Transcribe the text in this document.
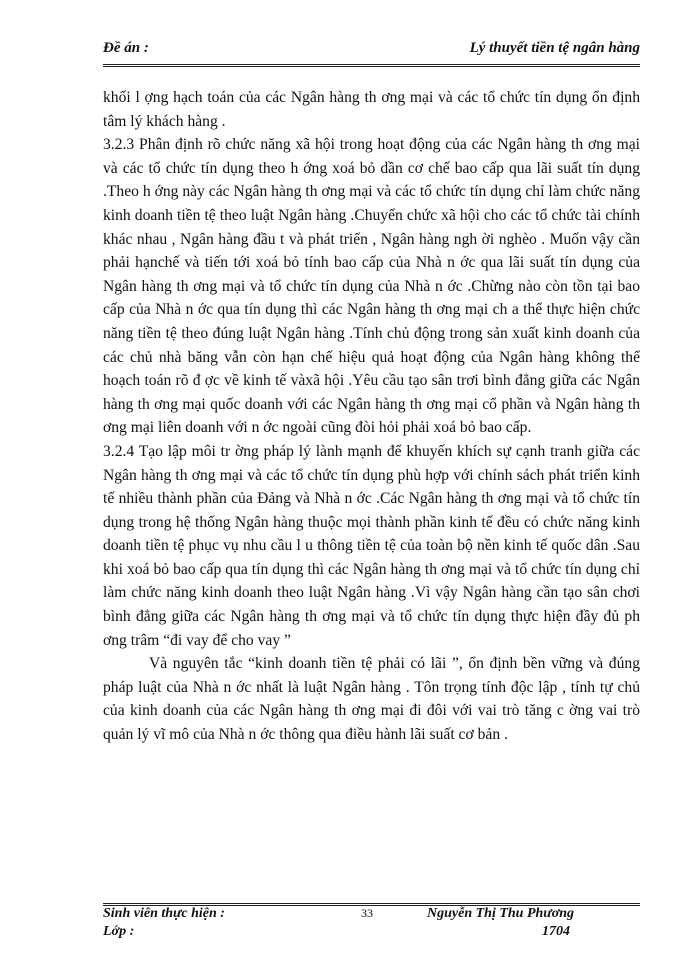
Đề án :	Lý thuyết tiền tệ ngân hàng

khối l ợng hạch toán của các Ngân hàng th ơng mại và các tổ chức tín dụng ổn định tâm lý khách hàng .

3.2.3 Phân định rõ chức năng xã hội trong hoạt động của các Ngân hàng th ơng mại và các tổ chức tín dụng theo h ớng xoá bỏ dần cơ chế bao cấp qua lãi suất tín dụng .Theo h ớng này các Ngân hàng th ơng mại và các tổ chức tín dụng chỉ làm chức năng kinh doanh tiền tệ theo luật Ngân hàng .Chuyển chức xã hội cho các tổ chức tài chính khác nhau , Ngân hàng đầu t và phát triển , Ngân hàng ngh ời nghèo . Muốn vậy cần phải hạnchế và tiến tới xoá bỏ tính bao cấp của Nhà n ớc qua lãi suất tín dụng của Ngân hàng th ơng mại và tổ chức tín dụng của Nhà n ớc .Chừng nào còn tồn tại bao cấp của Nhà n ớc qua tín dụng thì các Ngân hàng th ơng mại ch a thể thực hiện chức năng tiền tệ theo đúng luật Ngân hàng .Tính chủ động trong sản xuất kinh doanh của các chủ nhà băng vẫn còn hạn chế hiệu quả hoạt động của Ngân hàng không thể hoạch toán rõ đ ợc về kinh tế vàxã hội .Yêu cầu tạo sân trơi bình đẳng giữa các Ngân hàng th ơng mại quốc doanh với các Ngân hàng th ơng mại cổ phần và Ngân hàng th ơng mại liên doanh với n ớc ngoài cũng đòi hỏi phải xoá bỏ bao cấp.

3.2.4 Tạo lập môi tr ờng pháp lý lành mạnh để khuyến khích sự cạnh tranh giữa các Ngân hàng th ơng mại và các tổ chức tín dụng phù hợp với chính sách phát triển kinh tế nhiều thành phần của Đảng và Nhà n ớc .Các Ngân hàng th ơng mại và tổ chức tín dụng trong hệ thống Ngân hàng thuộc mọi thành phần kinh tế đều có chức năng kinh doanh tiền tệ phục vụ nhu cầu l u thông tiền tệ của toàn bộ nền kinh tế quốc dân .Sau khi xoá bỏ bao cấp qua tín dụng thì các Ngân hàng th ơng mại và tổ chức tín dụng chỉ làm chức năng kinh doanh theo luật Ngân hàng .Vì vậy Ngân hàng cần tạo sân chơi bình đẳng giữa các Ngân hàng th ơng mại và tổ chức tín dụng thực hiện đầy đủ ph ơng trâm “đi vay để cho vay ”

Và nguyên tắc “kinh doanh tiền tệ phải có lãi ”, ổn định bền vững và đúng pháp luật của Nhà n ớc nhất là luật Ngân hàng . Tôn trọng tính độc lập , tính tự chủ của kinh doanh của các Ngân hàng th ơng mại đi đôi với vai trò tăng c ờng vai trò quản lý vĩ mô của Nhà n ớc thông qua điều hành lãi suất cơ bản .

Sinh viên thực hiện :
Lớp :
33	Nguyễn Thị Thu Phương
1704
